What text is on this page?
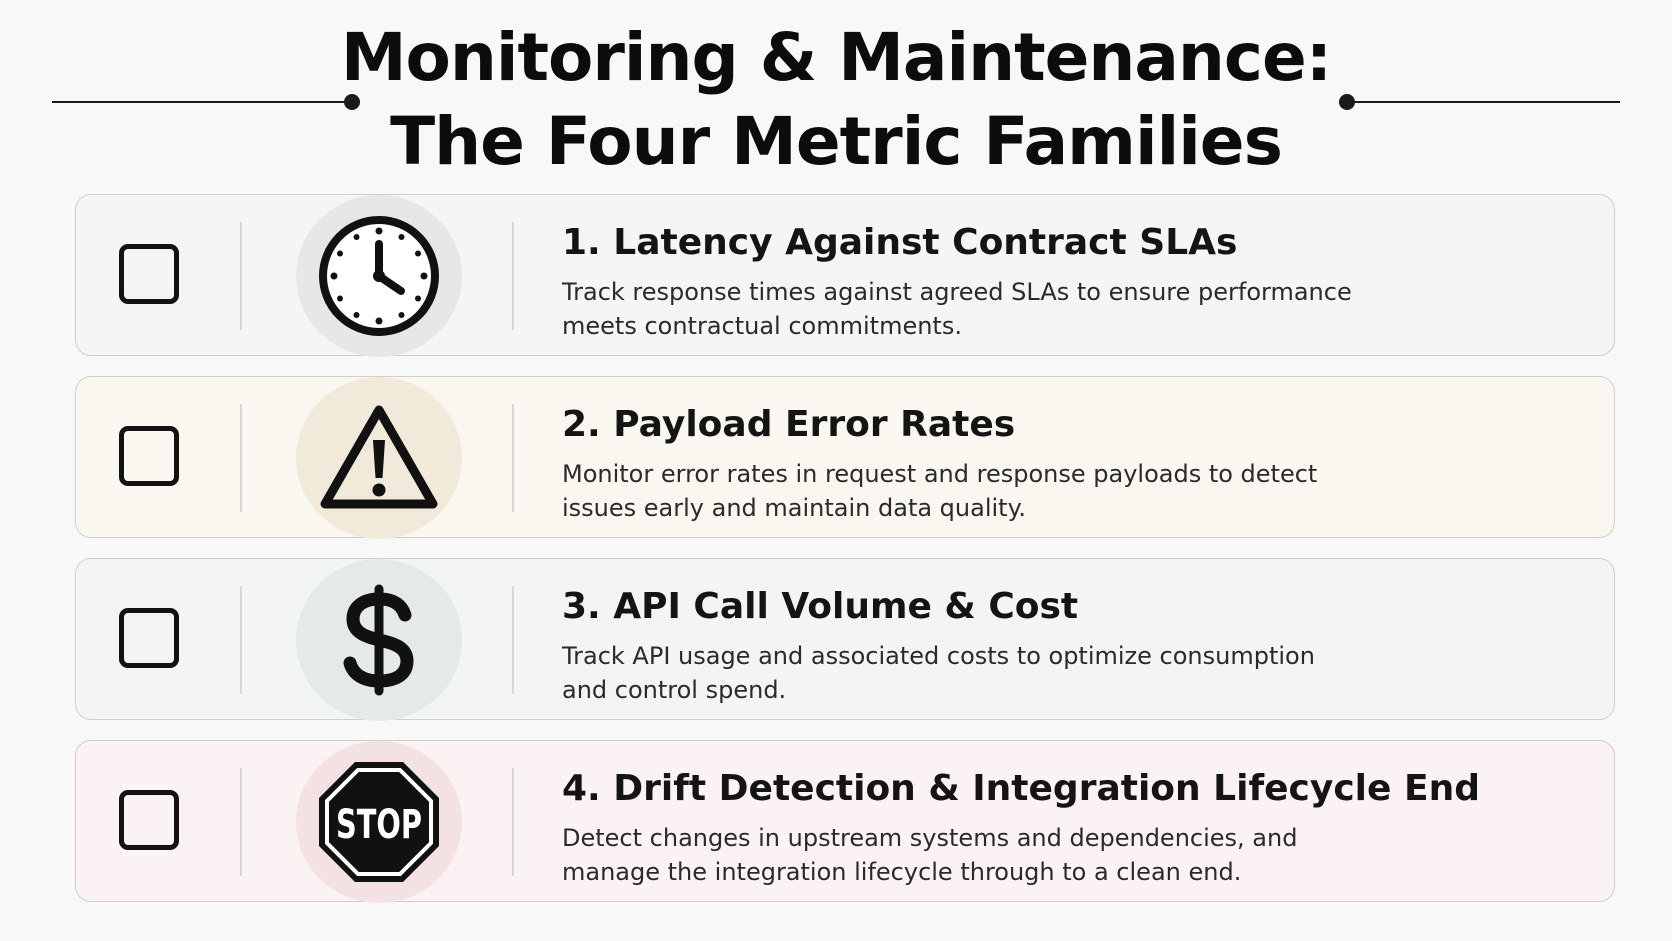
Monitoring & Maintenance:
The Four Metric Families
1. Latency Against Contract SLAs
Track response times against agreed SLAs to ensure performance meets contractual commitments.
2. Payload Error Rates
Monitor error rates in request and response payloads to detect issues early and maintain data quality.
3. API Call Volume & Cost
Track API usage and associated costs to optimize consumption and control spend.
STOP
4. Drift Detection & Integration Lifecycle End
Detect changes in upstream systems and dependencies, and manage the integration lifecycle through to a clean end.
